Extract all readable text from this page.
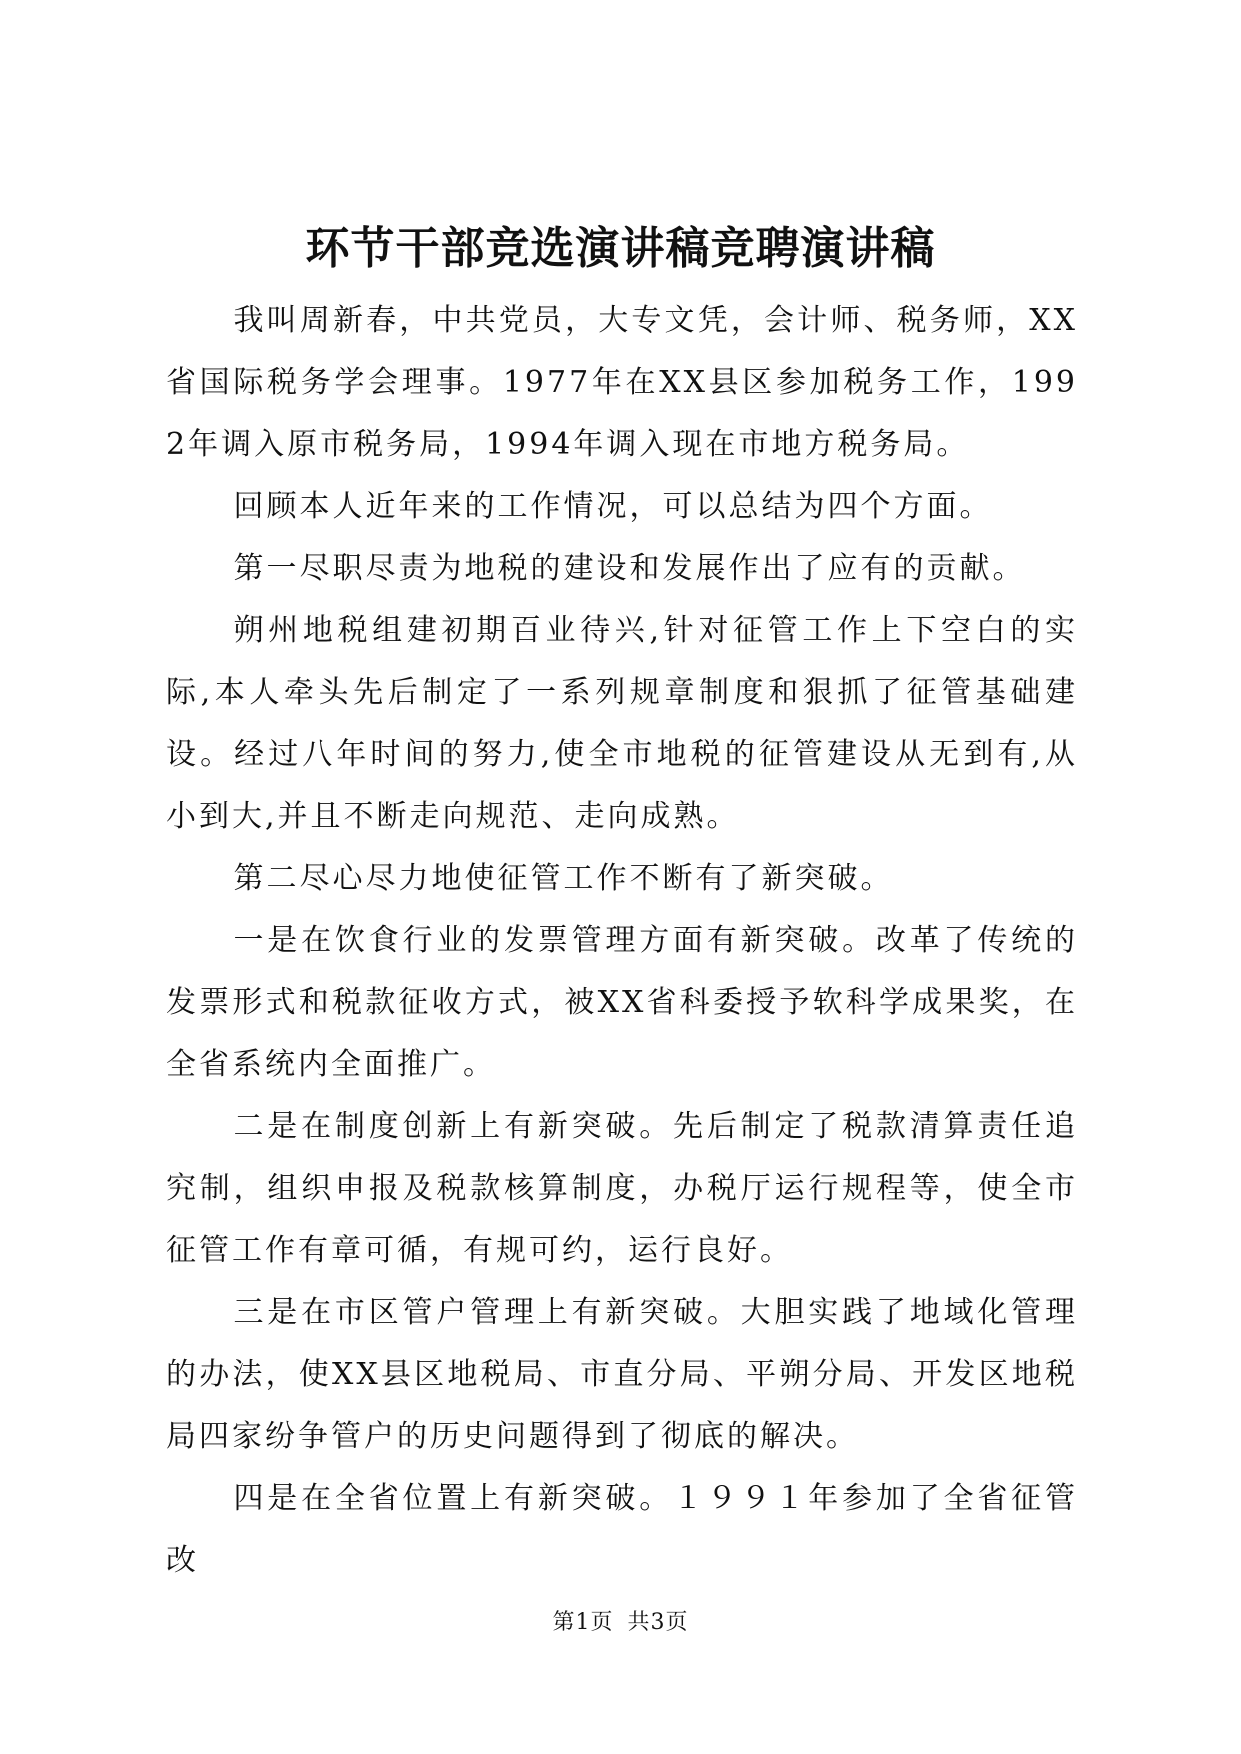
环节干部竞选演讲稿竞聘演讲稿

我叫周新春，中共党员，大专文凭，会计师、税务师，XX省国际税务学会理事。1977年在XX县区参加税务工作，1992年调入原市税务局，1994年调入现在市地方税务局。

回顾本人近年来的工作情况，可以总结为四个方面。

第一尽职尽责为地税的建设和发展作出了应有的贡献。

朔州地税组建初期百业待兴,针对征管工作上下空白的实际,本人牵头先后制定了一系列规章制度和狠抓了征管基础建设。经过八年时间的努力,使全市地税的征管建设从无到有,从小到大,并且不断走向规范、走向成熟。

第二尽心尽力地使征管工作不断有了新突破。

一是在饮食行业的发票管理方面有新突破。改革了传统的发票形式和税款征收方式，被XX省科委授予软科学成果奖，在全省系统内全面推广。

二是在制度创新上有新突破。先后制定了税款清算责任追究制，组织申报及税款核算制度，办税厅运行规程等，使全市征管工作有章可循，有规可约，运行良好。

三是在市区管户管理上有新突破。大胆实践了地域化管理的办法，使XX县区地税局、市直分局、平朔分局、开发区地税局四家纷争管户的历史问题得到了彻底的解决。

四是在全省位置上有新突破。１９９１年参加了全省征管改

第1页 共3页
